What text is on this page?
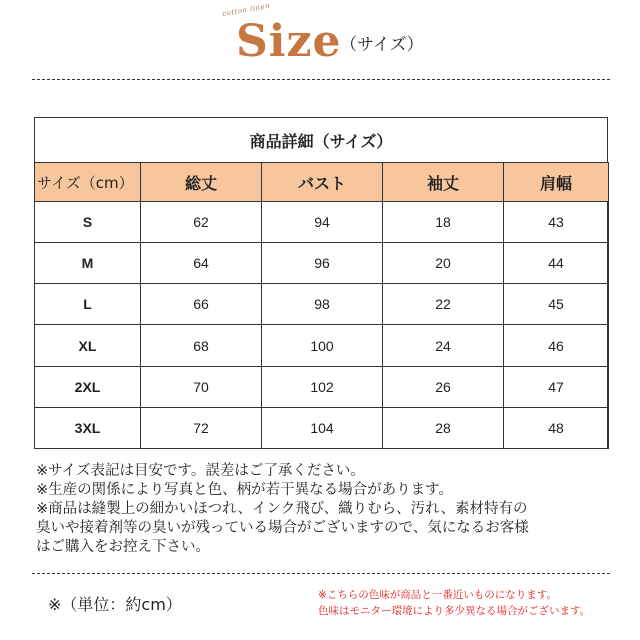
cotton linen
Size
（サイズ）
商品詳細（サイズ）
サイズ（cm）	総丈	バスト	袖丈	肩幅
S	62	94	18	43
M	64	96	20	44
L	66	98	22	45
XL	68	100	24	46
2XL	70	102	26	47
3XL	72	104	28	48
※サイズ表記は目安です。誤差はご了承ください。
※生産の関係により写真と色、柄が若干異なる場合があります。
※商品は縫製上の細かいほつれ、インク飛び、織りむら、汚れ、素材特有の
臭いや接着剤等の臭いが残っている場合がございますので、気になるお客様
はご購入をお控え下さい。
※（単位：約cm）	※こちらの色味が商品と一番近いものになります。
色味はモニター環境により多少異なる場合がございます。
